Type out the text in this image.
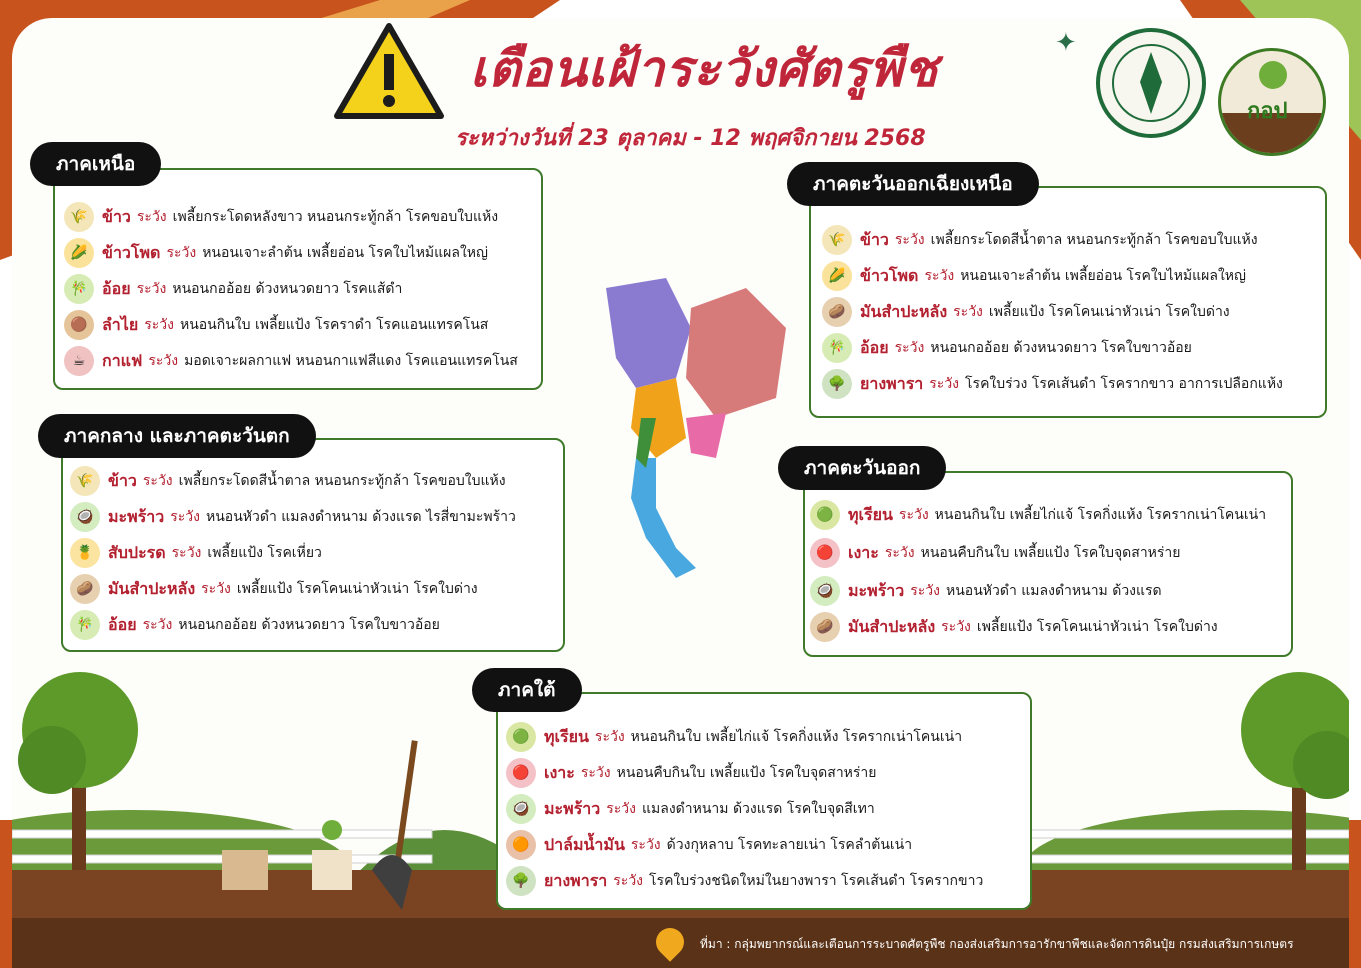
เตือนเฝ้าระวังศัตรูพืช
ระหว่างวันที่ 23 ตุลาคม - 12 พฤศจิกายน 2568
✦
กอป
ภาคเหนือ
🌾 ข้าว ระวัง เพลี้ยกระโดดหลังขาว หนอนกระทู้กล้า โรคขอบใบแห้ง
🌽 ข้าวโพด ระวัง หนอนเจาะลำต้น เพลี้ยอ่อน โรคใบไหม้แผลใหญ่
🎋 อ้อย ระวัง หนอนกออ้อย ด้วงหนวดยาว โรคแส้ดำ
🟤 ลำไย ระวัง หนอนกินใบ เพลี้ยแป้ง โรคราดำ โรคแอนแทรคโนส
☕	กาแฟ ระวัง มอดเจาะผลกาแฟ หนอนกาแฟสีแดง โรคแอนแทรคโนส
ภาคตะวันออกเฉียงเหนือ
🌾 ข้าว ระวัง เพลี้ยกระโดดสีน้ำตาล หนอนกระทู้กล้า โรคขอบใบแห้ง
🌽 ข้าวโพด ระวัง หนอนเจาะลำต้น เพลี้ยอ่อน โรคใบไหม้แผลใหญ่
🥔 มันสำปะหลัง ระวัง เพลี้ยแป้ง โรคโคนเน่าหัวเน่า โรคใบด่าง
🎋 อ้อย ระวัง หนอนกออ้อย ด้วงหนวดยาว โรคใบขาวอ้อย
🌳 ยางพารา ระวัง โรคใบร่วง โรคเส้นดำ โรครากขาว อาการเปลือกแห้ง
ภาคกลาง และภาคตะวันตก
🌾 ข้าว ระวัง เพลี้ยกระโดดสีน้ำตาล หนอนกระทู้กล้า โรคขอบใบแห้ง
🥥 มะพร้าว ระวัง หนอนหัวดำ แมลงดำหนาม ด้วงแรด ไรสี่ขามะพร้าว
🍍 สับปะรด ระวัง เพลี้ยแป้ง โรคเหี่ยว
🥔 มันสำปะหลัง ระวัง เพลี้ยแป้ง โรคโคนเน่าหัวเน่า โรคใบด่าง
🎋 อ้อย ระวัง หนอนกออ้อย ด้วงหนวดยาว โรคใบขาวอ้อย
ภาคตะวันออก
🟢 ทุเรียน ระวัง หนอนกินใบ เพลี้ยไก่แจ้ โรคกิ่งแห้ง โรครากเน่าโคนเน่า
🔴 เงาะ ระวัง หนอนคืบกินใบ เพลี้ยแป้ง โรคใบจุดสาหร่าย
🥥 มะพร้าว ระวัง หนอนหัวดำ แมลงดำหนาม ด้วงแรด
🥔 มันสำปะหลัง ระวัง เพลี้ยแป้ง โรคโคนเน่าหัวเน่า โรคใบด่าง
ภาคใต้
🟢 ทุเรียน ระวัง หนอนกินใบ เพลี้ยไก่แจ้ โรคกิ่งแห้ง โรครากเน่าโคนเน่า
🔴 เงาะ ระวัง หนอนคืบกินใบ เพลี้ยแป้ง โรคใบจุดสาหร่าย
🥥 มะพร้าว ระวัง แมลงดำหนาม ด้วงแรด โรคใบจุดสีเทา
🟠 ปาล์มน้ำมัน ระวัง ด้วงกุหลาบ โรคทะลายเน่า โรคลำต้นเน่า
🌳 ยางพารา ระวัง โรคใบร่วงชนิดใหม่ในยางพารา โรคเส้นดำ โรครากขาว
ที่มา : กลุ่มพยากรณ์และเตือนการระบาดศัตรูพืช กองส่งเสริมการอารักขาพืชและจัดการดินปุ๋ย กรมส่งเสริมการเกษตร
